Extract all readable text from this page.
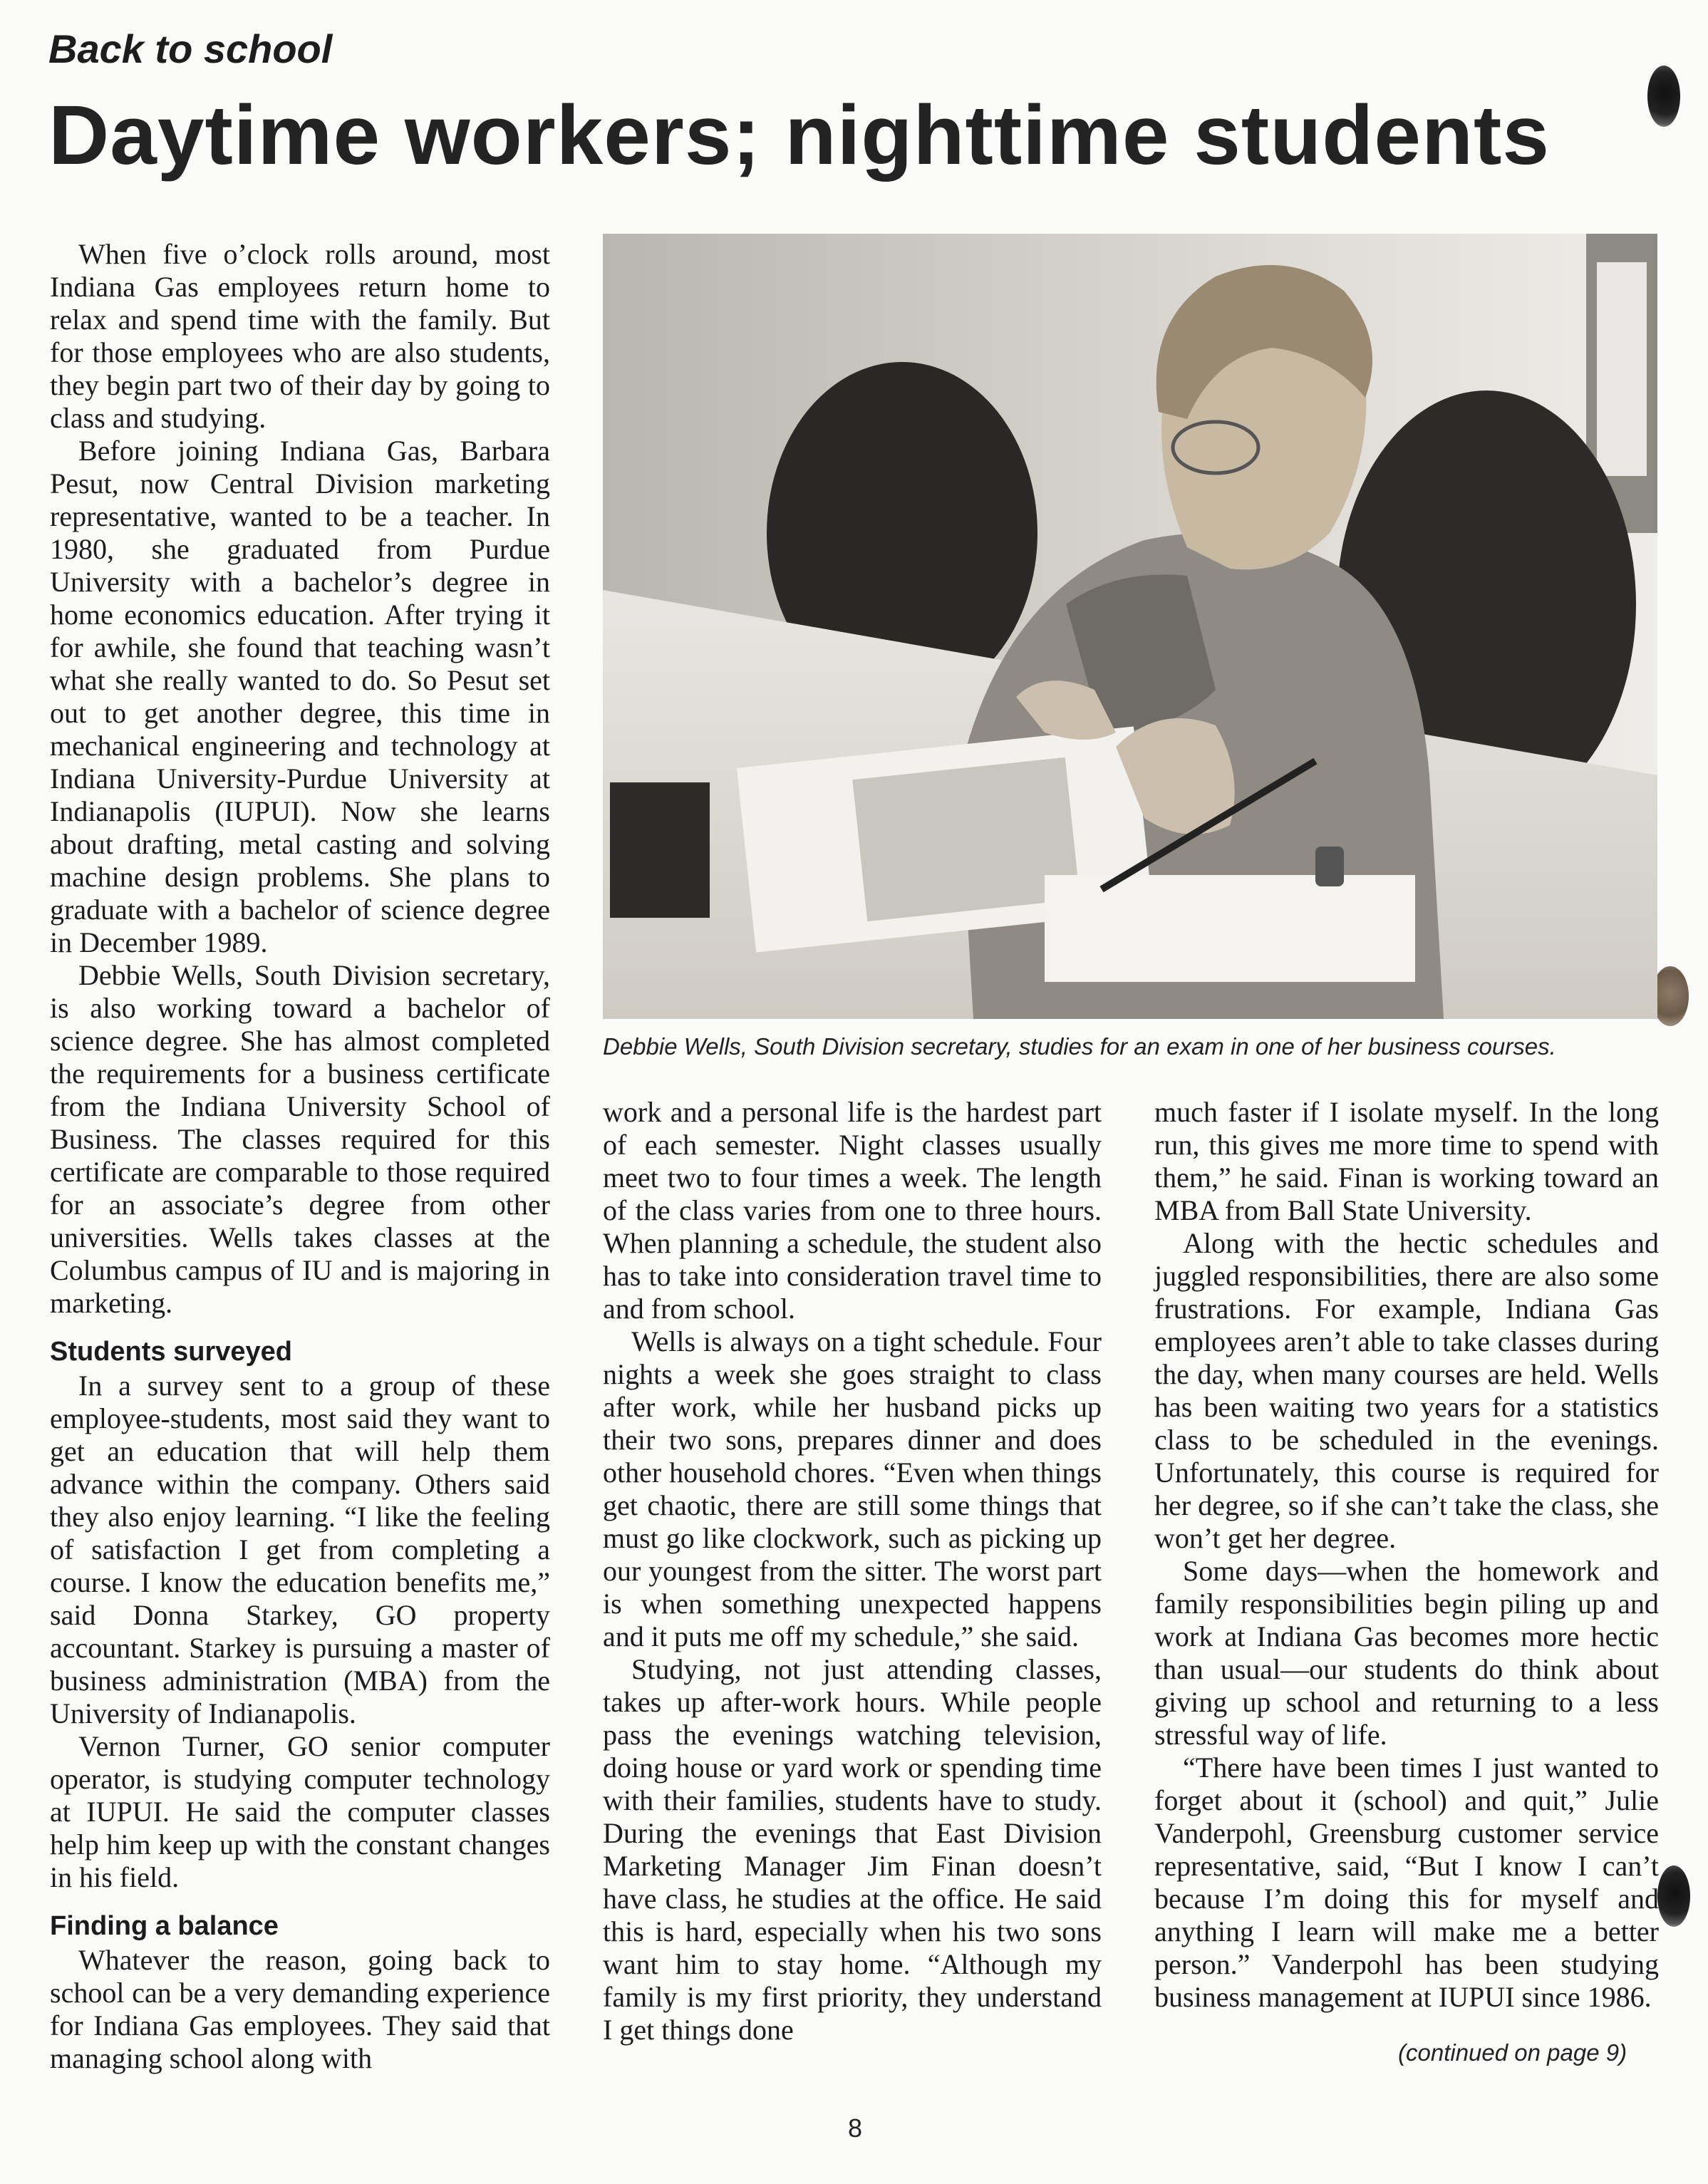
Back to school
Daytime workers; nighttime students

When five o’clock rolls around, most Indiana Gas employees return home to relax and spend time with the family. But for those employees who are also students, they begin part two of their day by going to class and studying.

Before joining Indiana Gas, Barbara Pesut, now Central Division marketing representative, wanted to be a teacher. In 1980, she graduated from Purdue University with a bachelor’s degree in home economics education. After trying it for awhile, she found that teaching wasn’t what she really wanted to do. So Pesut set out to get another degree, this time in mechanical engineering and technology at Indiana University-Purdue University at Indianapolis (IUPUI). Now she learns about drafting, metal casting and solving machine design problems. She plans to graduate with a bachelor of science degree in December 1989.

Debbie Wells, South Division secretary, is also working toward a bachelor of science degree. She has almost completed the requirements for a business certificate from the Indiana University School of Business. The classes required for this certificate are comparable to those required for an associate’s degree from other universities. Wells takes classes at the Columbus campus of IU and is majoring in marketing.

Students surveyed

In a survey sent to a group of these employee-students, most said they want to get an education that will help them advance within the company. Others said they also enjoy learning. “I like the feeling of satisfaction I get from completing a course. I know the education benefits me,” said Donna Starkey, GO property accountant. Starkey is pursuing a master of business administration (MBA) from the University of Indianapolis.

Vernon Turner, GO senior computer operator, is studying computer technology at IUPUI. He said the computer classes help him keep up with the constant changes in his field.

Finding a balance

Whatever the reason, going back to school can be a very demanding experience for Indiana Gas employees. They said that managing school along with

Debbie Wells, South Division secretary, studies for an exam in one of her business courses.

work and a personal life is the hardest part of each semester. Night classes usually meet two to four times a week. The length of the class varies from one to three hours. When planning a schedule, the student also has to take into consideration travel time to and from school.

Wells is always on a tight schedule. Four nights a week she goes straight to class after work, while her husband picks up their two sons, prepares dinner and does other household chores. “Even when things get chaotic, there are still some things that must go like clockwork, such as picking up our youngest from the sitter. The worst part is when something unexpected happens and it puts me off my schedule,” she said.

Studying, not just attending classes, takes up after-work hours. While people pass the evenings watching television, doing house or yard work or spending time with their families, students have to study. During the evenings that East Division Marketing Manager Jim Finan doesn’t have class, he studies at the office. He said this is hard, especially when his two sons want him to stay home. “Although my family is my first priority, they understand I get things done

much faster if I isolate myself. In the long run, this gives me more time to spend with them,” he said. Finan is working toward an MBA from Ball State University.

Along with the hectic schedules and juggled responsibilities, there are also some frustrations. For example, Indiana Gas employees aren’t able to take classes during the day, when many courses are held. Wells has been waiting two years for a statistics class to be scheduled in the evenings. Unfortunately, this course is required for her degree, so if she can’t take the class, she won’t get her degree.

Some days—when the homework and family responsibilities begin piling up and work at Indiana Gas becomes more hectic than usual—our students do think about giving up school and returning to a less stressful way of life.

“There have been times I just wanted to forget about it (school) and quit,” Julie Vanderpohl, Greensburg customer service representative, said, “But I know I can’t because I’m doing this for myself and anything I learn will make me a better person.” Vanderpohl has been studying business management at IUPUI since 1986.

(continued on page 9)

8
